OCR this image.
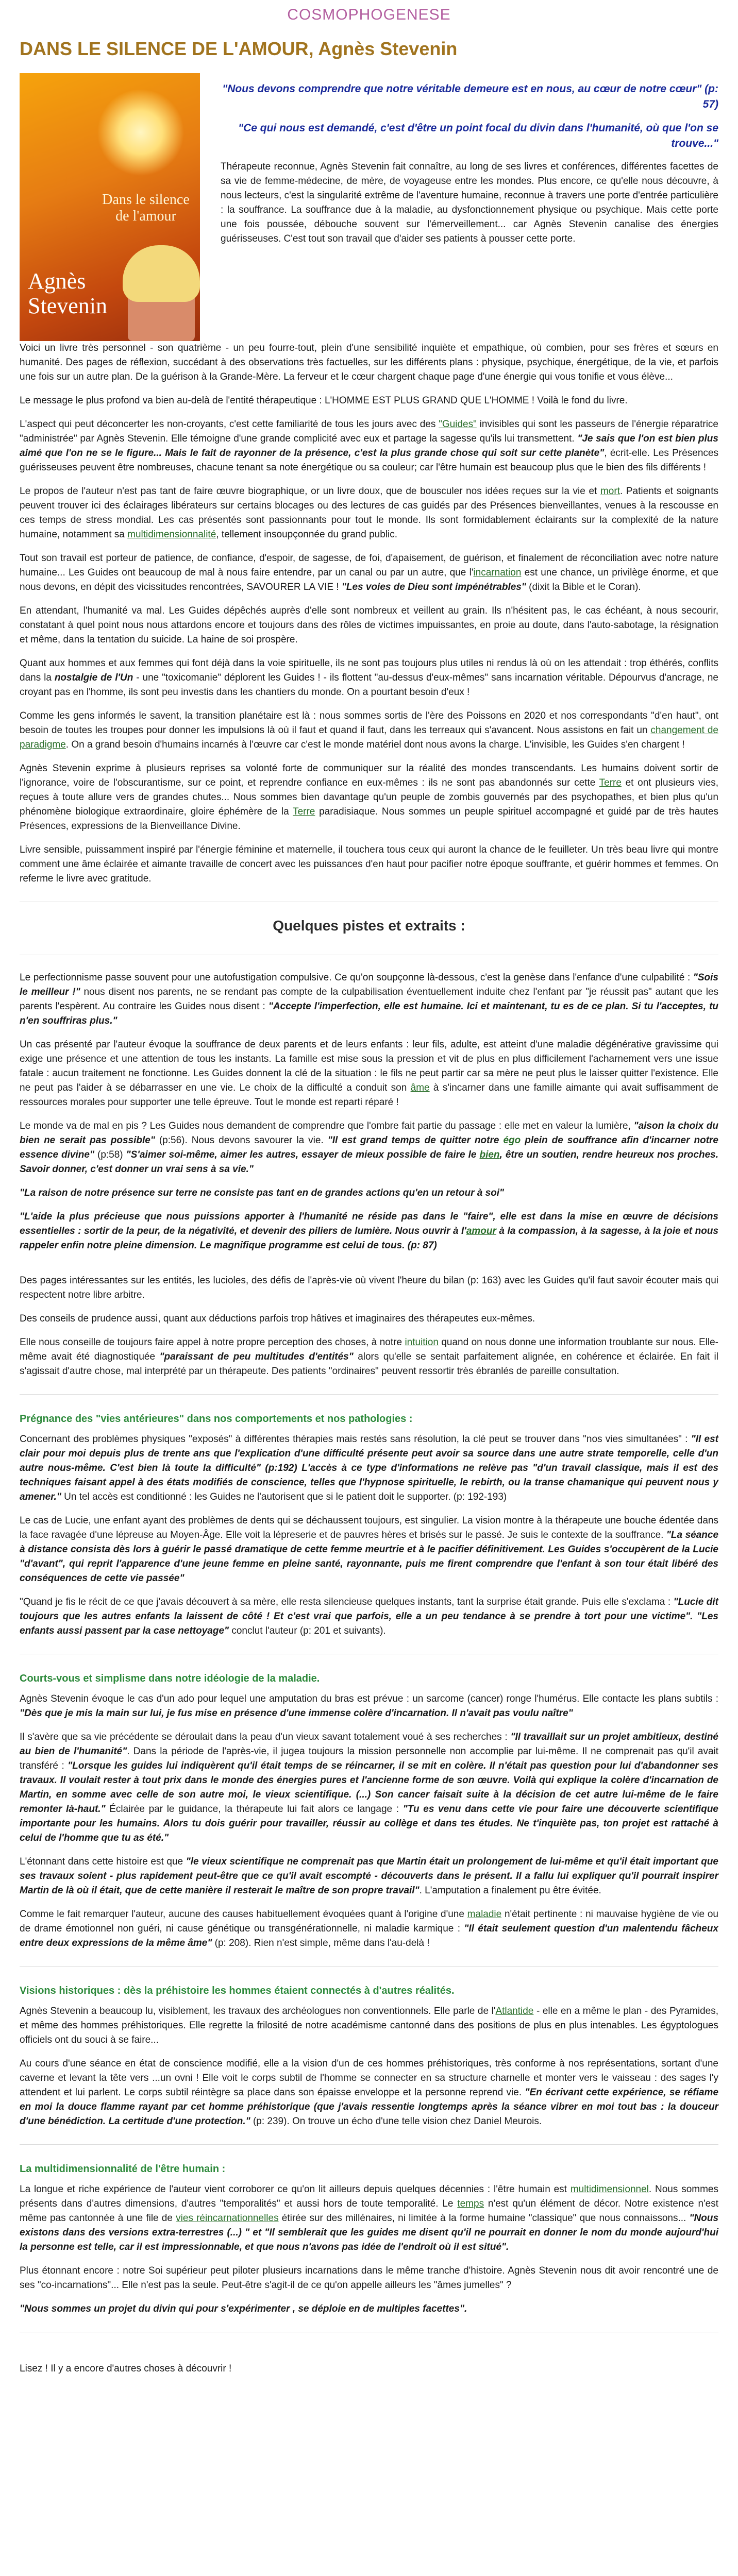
COSMOPHOGENESE
DANS LE SILENCE DE L'AMOUR, Agnès Stevenin
Dans le silence de l'amour
Agnès Stevenin
"Nous devons comprendre que notre véritable demeure est en nous, au cœur de notre cœur" (p: 57)
"Ce qui nous est demandé, c'est d'être un point focal du divin dans l'humanité, où que l'on se trouve..."

Thérapeute reconnue, Agnès Stevenin fait connaître, au long de ses livres et conférences, différentes facettes de sa vie de femme-médecine, de mère, de voyageuse entre les mondes. Plus encore, ce qu'elle nous découvre, à nous lecteurs, c'est la singularité extrême de l'aventure humaine, reconnue à travers une porte d'entrée particulière : la souffrance. La souffrance due à la maladie, au dysfonctionnement physique ou psychique. Mais cette porte une fois poussée, débouche souvent sur l'émerveillement... car Agnès Stevenin canalise des énergies guérisseuses. C'est tout son travail que d'aider ses patients à pousser cette porte.

Voici un livre très personnel - son quatrième - un peu fourre-tout, plein d'une sensibilité inquiète et empathique, où combien, pour ses frères et sœurs en humanité. Des pages de réflexion, succédant à des observations très factuelles, sur les différents plans : physique, psychique, énergétique, de la vie, et parfois une fois sur un autre plan. De la guérison à la Grande-Mère. La ferveur et le cœur chargent chaque page d'une énergie qui vous tonifie et vous élève...

Le message le plus profond va bien au-delà de l'entité thérapeutique : L'HOMME EST PLUS GRAND QUE L'HOMME ! Voilà le fond du livre.

L'aspect qui peut déconcerter les non-croyants, c'est cette familiarité de tous les jours avec des "Guides" invisibles qui sont les passeurs de l'énergie réparatrice "administrée" par Agnès Stevenin. Elle témoigne d'une grande complicité avec eux et partage la sagesse qu'ils lui transmettent. "Je sais que l'on est bien plus aimé que l'on ne se le figure... Mais le fait de rayonner de la présence, c'est la plus grande chose qui soit sur cette planète", écrit-elle. Les Présences guérisseuses peuvent être nombreuses, chacune tenant sa note énergétique ou sa couleur; car l'être humain est beaucoup plus que le bien des fils différents !

Le propos de l'auteur n'est pas tant de faire œuvre biographique, or un livre doux, que de bousculer nos idées reçues sur la vie et mort. Patients et soignants peuvent trouver ici des éclairages libérateurs sur certains blocages ou des lectures de cas guidés par des Présences bienveillantes, venues à la rescousse en ces temps de stress mondial. Les cas présentés sont passionnants pour tout le monde. Ils sont formidablement éclairants sur la complexité de la nature humaine, notamment sa multidimensionnalité, tellement insoupçonnée du grand public.

Tout son travail est porteur de patience, de confiance, d'espoir, de sagesse, de foi, d'apaisement, de guérison, et finalement de réconciliation avec notre nature humaine... Les Guides ont beaucoup de mal à nous faire entendre, par un canal ou par un autre, que l'incarnation est une chance, un privilège énorme, et que nous devons, en dépit des vicissitudes rencontrées, SAVOURER LA VIE ! "Les voies de Dieu sont impénétrables" (dixit la Bible et le Coran).

En attendant, l'humanité va mal. Les Guides dépêchés auprès d'elle sont nombreux et veillent au grain. Ils n'hésitent pas, le cas échéant, à nous secourir, constatant à quel point nous nous attardons encore et toujours dans des rôles de victimes impuissantes, en proie au doute, dans l'auto-sabotage, la résignation et même, dans la tentation du suicide. La haine de soi prospère.

Quant aux hommes et aux femmes qui font déjà dans la voie spirituelle, ils ne sont pas toujours plus utiles ni rendus là où on les attendait : trop éthérés, conflits dans la nostalgie de l'Un - une "toxicomanie" déplorent les Guides ! - ils flottent "au-dessus d'eux-mêmes" sans incarnation véritable. Dépourvus d'ancrage, ne croyant pas en l'homme, ils sont peu investis dans les chantiers du monde. On a pourtant besoin d'eux !

Comme les gens informés le savent, la transition planétaire est là : nous sommes sortis de l'ère des Poissons en 2020 et nos correspondants "d'en haut", ont besoin de toutes les troupes pour donner les impulsions là où il faut et quand il faut, dans les terreaux qui s'avancent. Nous assistons en fait un changement de paradigme. On a grand besoin d'humains incarnés à l'œuvre car c'est le monde matériel dont nous avons la charge. L'invisible, les Guides s'en chargent !

Agnès Stevenin exprime à plusieurs reprises sa volonté forte de communiquer sur la réalité des mondes transcendants. Les humains doivent sortir de l'ignorance, voire de l'obscurantisme, sur ce point, et reprendre confiance en eux-mêmes : ils ne sont pas abandonnés sur cette Terre et ont plusieurs vies, reçues à toute allure vers de grandes chutes... Nous sommes bien davantage qu'un peuple de zombis gouvernés par des psychopathes, et bien plus qu'un phénomène biologique extraordinaire, gloire éphémère de la Terre paradisiaque. Nous sommes un peuple spirituel accompagné et guidé par de très hautes Présences, expressions de la Bienveillance Divine.

Livre sensible, puissamment inspiré par l'énergie féminine et maternelle, il touchera tous ceux qui auront la chance de le feuilleter. Un très beau livre qui montre comment une âme éclairée et aimante travaille de concert avec les puissances d'en haut pour pacifier notre époque souffrante, et guérir hommes et femmes. On referme le livre avec gratitude.

Quelques pistes et extraits :

Le perfectionnisme passe souvent pour une autofustigation compulsive. Ce qu'on soupçonne là-dessous, c'est la genèse dans l'enfance d'une culpabilité : "Sois le meilleur !" nous disent nos parents, ne se rendant pas compte de la culpabilisation éventuellement induite chez l'enfant par "je réussit pas" autant que les parents l'espèrent. Au contraire les Guides nous disent : "Accepte l'imperfection, elle est humaine. Ici et maintenant, tu es de ce plan. Si tu l'acceptes, tu n'en souffriras plus."

Un cas présenté par l'auteur évoque la souffrance de deux parents et de leurs enfants : leur fils, adulte, est atteint d'une maladie dégénérative gravissime qui exige une présence et une attention de tous les instants. La famille est mise sous la pression et vit de plus en plus difficilement l'acharnement vers une issue fatale : aucun traitement ne fonctionne. Les Guides donnent la clé de la situation : le fils ne peut partir car sa mère ne peut plus le laisser quitter l'existence. Elle ne peut pas l'aider à se débarrasser en une vie. Le choix de la difficulté a conduit son âme à s'incarner dans une famille aimante qui avait suffisamment de ressources morales pour supporter une telle épreuve. Tout le monde est reparti réparé !

Le monde va de mal en pis ? Les Guides nous demandent de comprendre que l'ombre fait partie du passage : elle met en valeur la lumière, "aison la choix du bien ne serait pas possible" (p:56). Nous devons savourer la vie. "Il est grand temps de quitter notre égo plein de souffrance afin d'incarner notre essence divine" (p:58) "S'aimer soi-même, aimer les autres, essayer de mieux possible de faire le bien, être un soutien, rendre heureux nos proches. Savoir donner, c'est donner un vrai sens à sa vie."

"La raison de notre présence sur terre ne consiste pas tant en de grandes actions qu'en un retour à soi"

"L'aide la plus précieuse que nous puissions apporter à l'humanité ne réside pas dans le "faire", elle est dans la mise en œuvre de décisions essentielles : sortir de la peur, de la négativité, et devenir des piliers de lumière. Nous ouvrir à l'amour à la compassion, à la sagesse, à la joie et nous rappeler enfin notre pleine dimension. Le magnifique programme est celui de tous. (p: 87)

Des pages intéressantes sur les entités, les lucioles, des défis de l'après-vie où vivent l'heure du bilan (p: 163) avec les Guides qu'il faut savoir écouter mais qui respectent notre libre arbitre.

Des conseils de prudence aussi, quant aux déductions parfois trop hâtives et imaginaires des thérapeutes eux-mêmes.

Elle nous conseille de toujours faire appel à notre propre perception des choses, à notre intuition quand on nous donne une information troublante sur nous. Elle-même avait été diagnostiquée "paraissant de peu multitudes d'entités" alors qu'elle se sentait parfaitement alignée, en cohérence et éclairée. En fait il s'agissait d'autre chose, mal interprété par un thérapeute. Des patients "ordinaires" peuvent ressortir très ébranlés de pareille consultation.

Prégnance des "vies antérieures" dans nos comportements et nos pathologies :

Concernant des problèmes physiques "exposés" à différentes thérapies mais restés sans résolution, la clé peut se trouver dans "nos vies simultanées" : "Il est clair pour moi depuis plus de trente ans que l'explication d'une difficulté présente peut avoir sa source dans une autre strate temporelle, celle d'un autre nous-même. C'est bien là toute la difficulté" (p:192) L'accès à ce type d'informations ne relève pas "d'un travail classique, mais il est des techniques faisant appel à des états modifiés de conscience, telles que l'hypnose spirituelle, le rebirth, ou la transe chamanique qui peuvent nous y amener." Un tel accès est conditionné : les Guides ne l'autorisent que si le patient doit le supporter. (p: 192-193)

Le cas de Lucie, une enfant ayant des problèmes de dents qui se déchaussent toujours, est singulier. La vision montre à la thérapeute une bouche édentée dans la face ravagée d'une lépreuse au Moyen-Âge. Elle voit la lépreserie et de pauvres hères et brisés sur le passé. Je suis le contexte de la souffrance. "La séance à distance consista dès lors à guérir le passé dramatique de cette femme meurtrie et à le pacifier définitivement. Les Guides s'occupèrent de la Lucie "d'avant", qui reprit l'apparence d'une jeune femme en pleine santé, rayonnante, puis me firent comprendre que l'enfant à son tour était libéré des conséquences de cette vie passée"

"Quand je fis le récit de ce que j'avais découvert à sa mère, elle resta silencieuse quelques instants, tant la surprise était grande. Puis elle s'exclama : "Lucie dit toujours que les autres enfants la laissent de côté ! Et c'est vrai que parfois, elle a un peu tendance à se prendre à tort pour une victime". "Les enfants aussi passent par la case nettoyage" conclut l'auteur (p: 201 et suivants).

Courts-vous et simplisme dans notre idéologie de la maladie.

Agnès Stevenin évoque le cas d'un ado pour lequel une amputation du bras est prévue : un sarcome (cancer) ronge l'humérus. Elle contacte les plans subtils : "Dès que je mis la main sur lui, je fus mise en présence d'une immense colère d'incarnation. Il n'avait pas voulu naître"

Il s'avère que sa vie précédente se déroulait dans la peau d'un vieux savant totalement voué à ses recherches : "Il travaillait sur un projet ambitieux, destiné au bien de l'humanité". Dans la période de l'après-vie, il jugea toujours la mission personnelle non accomplie par lui-même. Il ne comprenait pas qu'il avait transféré : "Lorsque les guides lui indiquèrent qu'il était temps de se réincarner, il se mit en colère. Il n'était pas question pour lui d'abandonner ses travaux. Il voulait rester à tout prix dans le monde des énergies pures et l'ancienne forme de son œuvre. Voilà qui explique la colère d'incarnation de Martin, en somme avec celle de son autre moi, le vieux scientifique. (...) Son cancer faisait suite à la décision de cet autre lui-même de le faire remonter là-haut." Éclairée par le guidance, la thérapeute lui fait alors ce langage : "Tu es venu dans cette vie pour faire une découverte scientifique importante pour les humains. Alors tu dois guérir pour travailler, réussir au collège et dans tes études. Ne t'inquiète pas, ton projet est rattaché à celui de l'homme que tu as été."

L'étonnant dans cette histoire est que "le vieux scientifique ne comprenait pas que Martin était un prolongement de lui-même et qu'il était important que ses travaux soient - plus rapidement peut-être que ce qu'il avait escompté - découverts dans le présent. Il a fallu lui expliquer qu'il pourrait inspirer Martin de là où il était, que de cette manière il resterait le maître de son propre travail". L'amputation a finalement pu être évitée.

Comme le fait remarquer l'auteur, aucune des causes habituellement évoquées quant à l'origine d'une maladie n'était pertinente : ni mauvaise hygiène de vie ou de drame émotionnel non guéri, ni cause génétique ou transgénérationnelle, ni maladie karmique : "Il était seulement question d'un malentendu fâcheux entre deux expressions de la même âme" (p: 208). Rien n'est simple, même dans l'au-delà !

Visions historiques : dès la préhistoire les hommes étaient connectés à d'autres réalités.

Agnès Stevenin a beaucoup lu, visiblement, les travaux des archéologues non conventionnels. Elle parle de l'Atlantide - elle en a même le plan - des Pyramides, et même des hommes préhistoriques. Elle regrette la frilosité de notre académisme cantonné dans des positions de plus en plus intenables. Les égyptologues officiels ont du souci à se faire...

Au cours d'une séance en état de conscience modifié, elle a la vision d'un de ces hommes préhistoriques, très conforme à nos représentations, sortant d'une caverne et levant la tête vers ...un ovni ! Elle voit le corps subtil de l'homme se connecter en sa structure charnelle et monter vers le vaisseau : des sages l'y attendent et lui parlent. Le corps subtil réintègre sa place dans son épaisse enveloppe et la personne reprend vie. "En écrivant cette expérience, se réfiame en moi la douce flamme rayant par cet homme préhistorique (que j'avais ressentie longtemps après la séance vibrer en moi tout bas : la douceur d'une bénédiction. La certitude d'une protection." (p: 239). On trouve un écho d'une telle vision chez Daniel Meurois.

La multidimensionnalité de l'être humain :

La longue et riche expérience de l'auteur vient corroborer ce qu'on lit ailleurs depuis quelques décennies : l'être humain est multidimensionnel. Nous sommes présents dans d'autres dimensions, d'autres "temporalités" et aussi hors de toute temporalité. Le temps n'est qu'un élément de décor. Notre existence n'est même pas cantonnée à une file de vies réincarnationnelles étirée sur des millénaires, ni limitée à la forme humaine "classique" que nous connaissons... "Nous existons dans des versions extra-terrestres (...) " et "Il semblerait que les guides me disent qu'il ne pourrait en donner le nom du monde aujourd'hui la personne est telle, car il est impressionnable, et que nous n'avons pas idée de l'endroit où il est situé".

Plus étonnant encore : notre Soi supérieur peut piloter plusieurs incarnations dans le même tranche d'histoire. Agnès Stevenin nous dit avoir rencontré une de ses "co-incarnations"... Elle n'est pas la seule. Peut-être s'agit-il de ce qu'on appelle ailleurs les "âmes jumelles" ?

"Nous sommes un projet du divin qui pour s'expérimenter , se déploie en de multiples facettes".

Lisez ! Il y a encore d'autres choses à découvrir !
